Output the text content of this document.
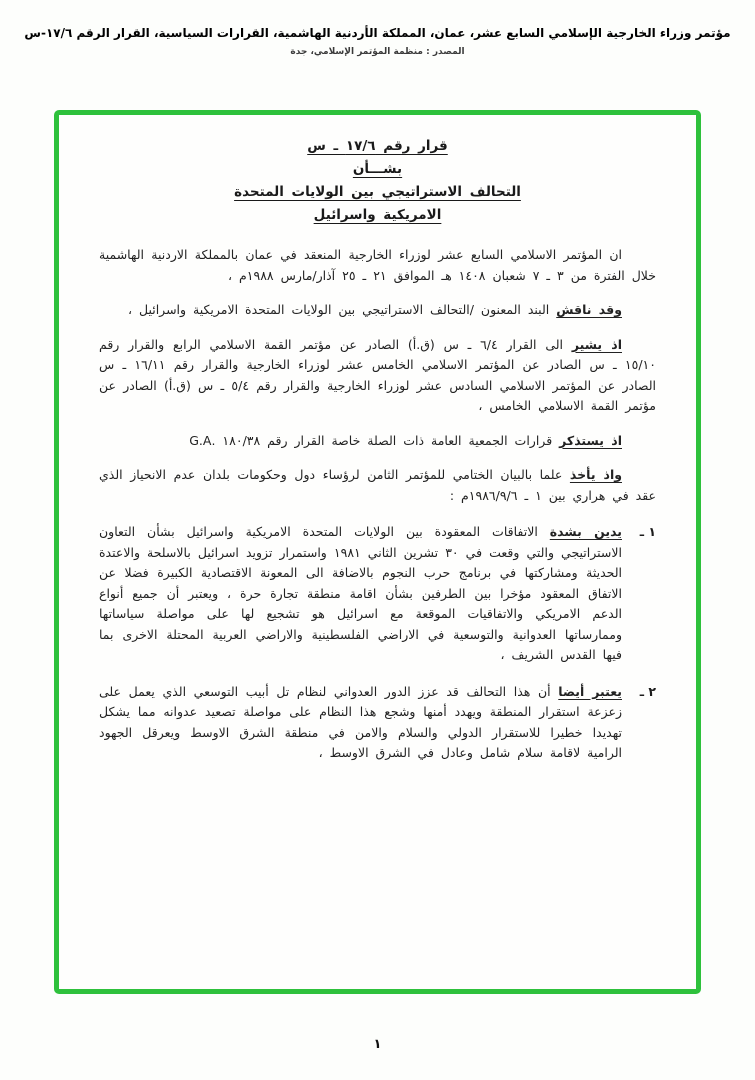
مؤتمر وزراء الخارجية الإسلامي السابع عشر، عمان، المملكة الأردنية الهاشمية، القرارات السياسية، القرار الرقم ١٧/٦-س
المصدر : منظمة المؤتمر الإسلامي، جدة
قرار رقم ١٧/٦ ـ س
بشـــأن
التحالف الاستراتيجي بين الولايات المتحدة
الامريكية واسرائيل

ان المؤتمر الاسلامي السابع عشر لوزراء الخارجية المنعقد في عمان بالمملكة الاردنية الهاشمية خلال الفترة من ٣ ـ ٧ شعبان ١٤٠٨ هـ الموافق ٢١ ـ ٢٥ آذار/مارس ١٩٨٨م ،

وقد ناقش البند المعنون /التحالف الاستراتيجي بين الولايات المتحدة الامريكية واسرائيل ،

اذ يشير الى القرار ٦/٤ ـ س (ق.أ) الصادر عن مؤتمر القمة الاسلامي الرابع والقرار رقم ١٥/١٠ ـ س الصادر عن المؤتمر الاسلامي الخامس عشر لوزراء الخارجية والقرار رقم ١٦/١١ ـ س الصادر عن المؤتمر الاسلامي السادس عشر لوزراء الخارجية والقرار رقم ٥/٤ ـ س (ق.أ) الصادر عن مؤتمر القمة الاسلامي الخامس ،

اذ يستذكر قرارات الجمعية العامة ذات الصلة خاصة القرار رقم ١٨٠/٣٨ .G.A

واذ يأخذ علما بالبيان الختامي للمؤتمر الثامن لرؤساء دول وحكومات بلدان عدم الانحياز الذي عقد في هراري بين ١ ـ ١٩٨٦/٩/٦م :

١ ـ
يدين بشدة الاتفاقات المعقودة بين الولايات المتحدة الامريكية واسرائيل بشأن التعاون الاستراتيجي والتي وقعت في ٣٠ تشرين الثاني ١٩٨١ واستمرار تزويد اسرائيل بالاسلحة والاعتدة الحديثة ومشاركتها في برنامج حرب النجوم بالاضافة الى المعونة الاقتصادية الكبيرة فضلا عن الاتفاق المعقود مؤخرا بين الطرفين بشأن اقامة منطقة تجارة حرة ، ويعتبر أن جميع أنواع الدعم الامريكي والاتفاقيات الموقعة مع اسرائيل هو تشجيع لها على مواصلة سياساتها وممارساتها العدوانية والتوسعية في الاراضي الفلسطينية والاراضي العربية المحتلة الاخرى بما فيها القدس الشريف ،
٢ ـ
يعتبر أيضا أن هذا التحالف قد عزز الدور العدواني لنظام تل أبيب التوسعي الذي يعمل على زعزعة استقرار المنطقة ويهدد أمنها وشجع هذا النظام على مواصلة تصعيد عدوانه مما يشكل تهديدا خطيرا للاستقرار الدولي والسلام والامن في منطقة الشرق الاوسط ويعرقل الجهود الرامية لاقامة سلام شامل وعادل في الشرق الاوسط ،
١
